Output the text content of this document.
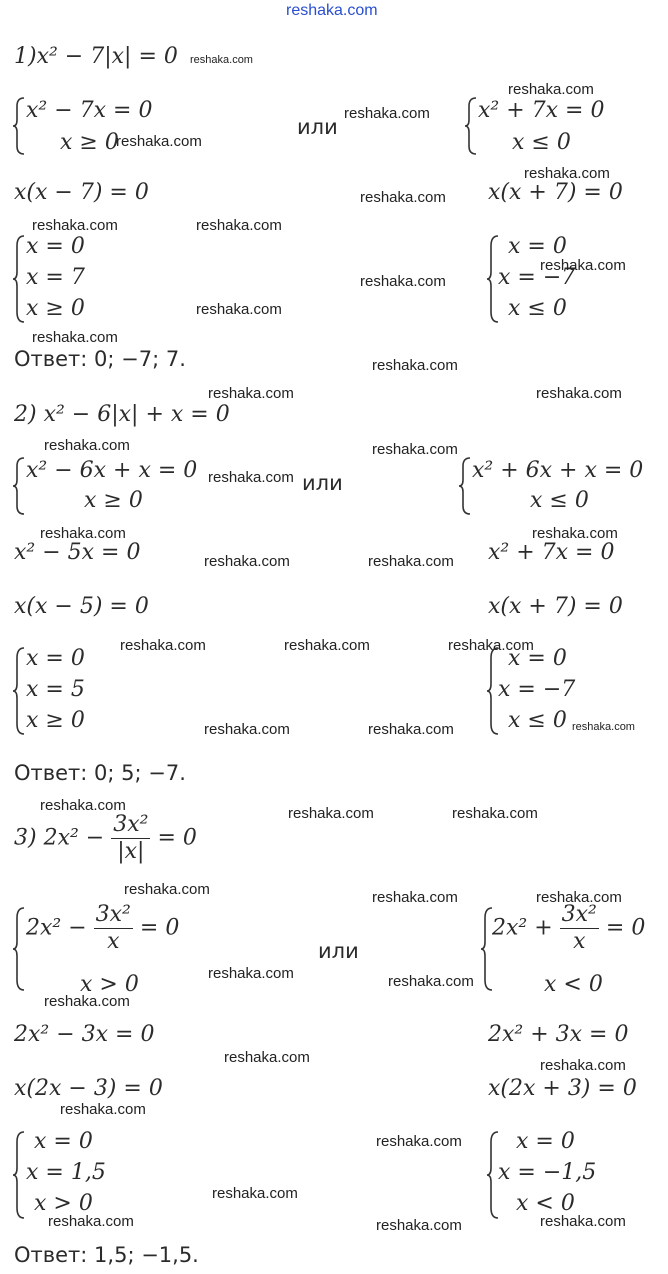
reshaka.com
1)x² − 7|x| = 0
x² − 7x = 0
x ≥ 0
или
x² + 7x = 0
x ≤ 0
x(x − 7) = 0	x(x + 7) = 0
x = 0
x = 7
x ≥ 0
x = 0
x = −7
x ≤ 0
Ответ: 0; −7; 7.
2) x² − 6|x| + x = 0
x² − 6x + x = 0
x ≥ 0
или	x² + 6x + x = 0
x ≤ 0
x² − 5x = 0	x² + 7x = 0
x(x − 5) = 0	x(x + 7) = 0
x = 0
x = 5
x ≥ 0
x = 0
x = −7
x ≤ 0
Ответ: 0; 5; −7.
3) $2x^2 - \frac{\text{3x²}}{|x|} = 0$
$2x^2 - \frac{\text{3x²}}{x} = 0$
x > 0
или
$2x^2 + \frac{\text{3x²}}{x} = 0$
x < 0
2x² − 3x = 0	2x² + 3x = 0
x(2x − 3) = 0	x(2x + 3) = 0
x = 0
x = 1,5
x > 0
x = 0
x = −1,5
x < 0
Ответ: 1,5; −1,5.
reshaka.com
reshaka.com
reshaka.com
reshaka.com
reshaka.com
reshaka.com
reshaka.com	reshaka.com
reshaka.com
reshaka.com
reshaka.com
reshaka.com
reshaka.com
reshaka.com	reshaka.com
reshaka.com	reshaka.com
reshaka.com
reshaka.com	reshaka.com
reshaka.com	reshaka.com
reshaka.com	reshaka.com	reshaka.com
reshaka.com	reshaka.com	reshaka.com
reshaka.com	reshaka.com	reshaka.com
reshaka.com	reshaka.com	reshaka.com
reshaka.com	reshaka.com
reshaka.com
reshaka.com	reshaka.com
reshaka.com
reshaka.com
reshaka.com
reshaka.com	reshaka.com
reshaka.com
